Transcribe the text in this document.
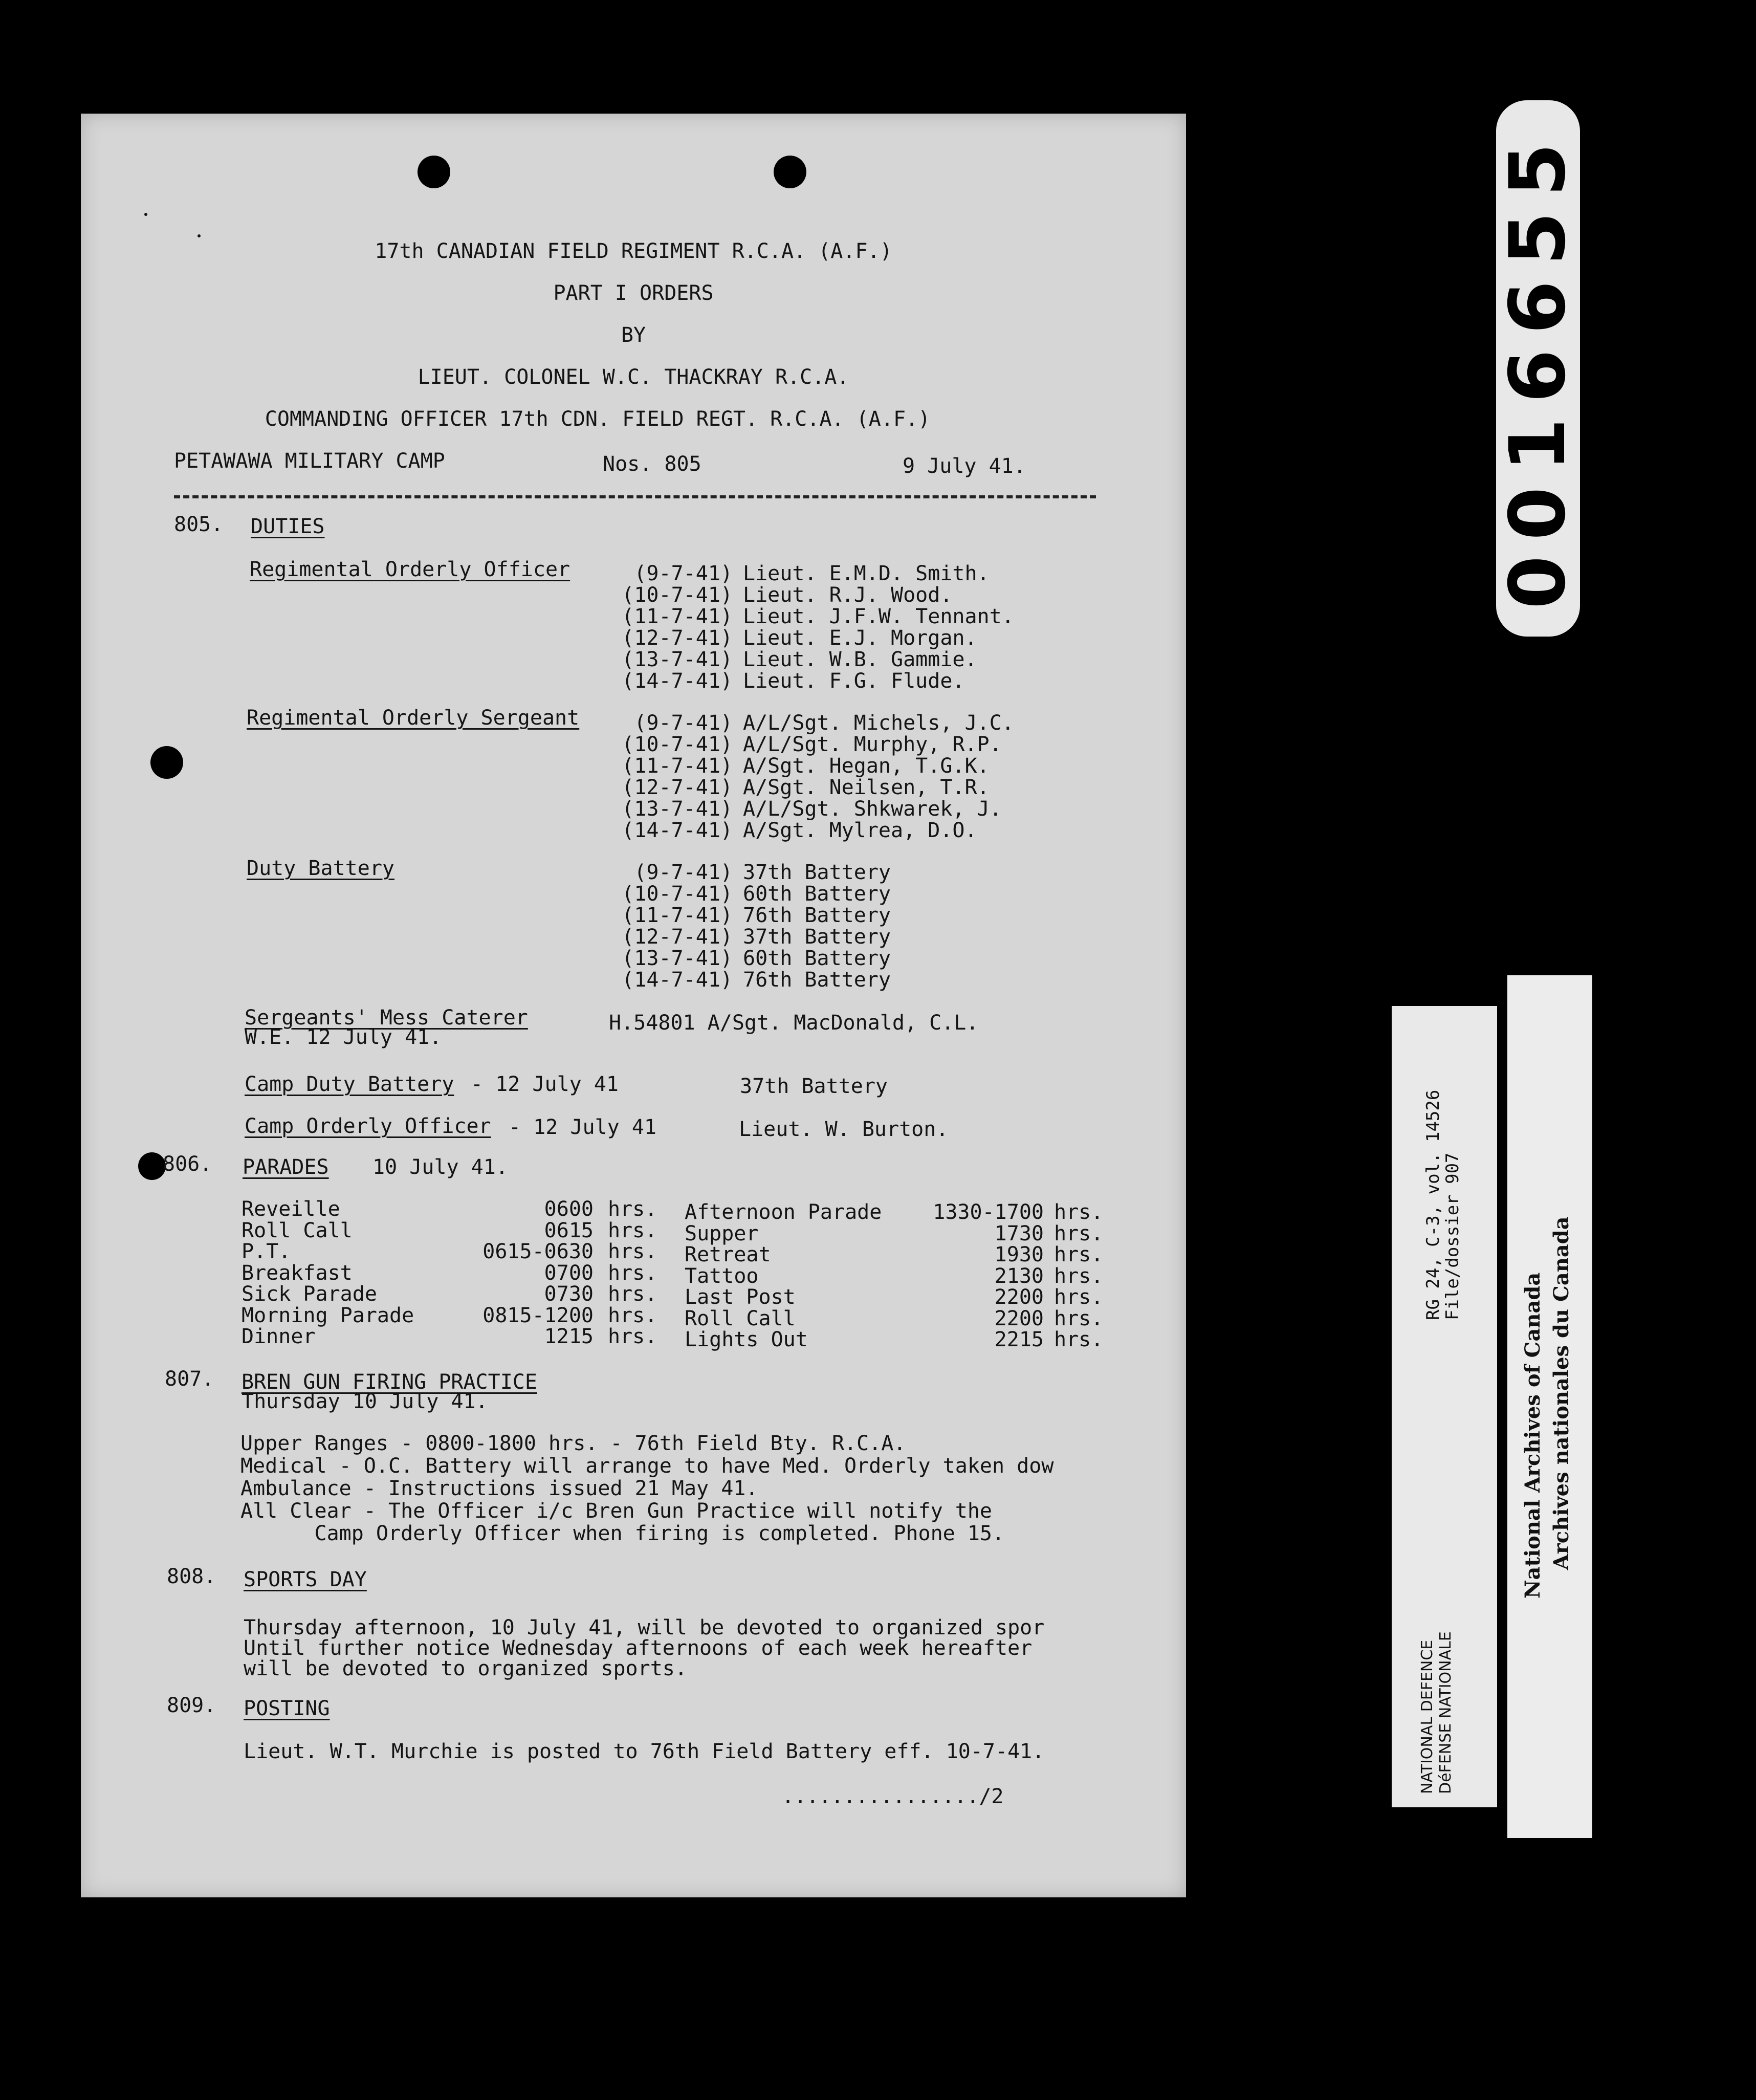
17th CANADIAN FIELD REGIMENT R.C.A. (A.F.)
PART I ORDERS
BY
LIEUT. COLONEL W.C. THACKRAY R.C.A.
COMMANDING OFFICER 17th CDN. FIELD REGT. R.C.A. (A.F.)
PETAWAWA MILITARY CAMP	Nos. 805	9 July 41.
805. DUTIES
Regimental Orderly Officer	(9-7-41) Lieut. E.M.D. Smith.
(10-7-41) Lieut. R.J. Wood.
(11-7-41) Lieut. J.F.W. Tennant.
(12-7-41) Lieut. E.J. Morgan.
(13-7-41) Lieut. W.B. Gammie.
(14-7-41) Lieut. F.G. Flude.
Regimental Orderly Sergeant	(9-7-41) A/L/Sgt. Michels, J.C.
(10-7-41) A/L/Sgt. Murphy, R.P.
(11-7-41) A/Sgt. Hegan, T.G.K.
(12-7-41) A/Sgt. Neilsen, T.R.
(13-7-41) A/L/Sgt. Shkwarek, J.
(14-7-41) A/Sgt. Mylrea, D.O.
Duty Battery	(9-7-41) 37th Battery
(10-7-41) 60th Battery
(11-7-41) 76th Battery
(12-7-41) 37th Battery
(13-7-41) 60th Battery
(14-7-41) 76th Battery
Sergeants' Mess Caterer
W.E. 12 July 41.
H.54801 A/Sgt. MacDonald, C.L.
Camp Duty Battery - 12 July 41	37th Battery
Camp Orderly Officer - 12 July 41	Lieut. W. Burton.
806. PARADES 10 July 41.
Reveille	0600 hrs.
Roll Call	0615 hrs.
P.T.	0615-0630 hrs.
Breakfast	0700 hrs.
Sick Parade	0730 hrs.
Morning Parade	0815-1200 hrs.
Dinner	1215 hrs.
Afternoon Parade	1330-1700 hrs.
Supper	1730 hrs.
Retreat	1930 hrs.
Tattoo	2130 hrs.
Last Post	2200 hrs.
Roll Call	2200 hrs.
Lights Out	2215 hrs.
807. BREN GUN FIRING PRACTICE
Thursday 10 July 41.
Upper Ranges - 0800-1800 hrs. - 76th Field Bty. R.C.A.
Medical - O.C. Battery will arrange to have Med. Orderly taken dow
Ambulance - Instructions issued 21 May 41.
All Clear - The Officer i/c Bren Gun Practice will notify the
Camp Orderly Officer when firing is completed. Phone 15.
808. SPORTS DAY
Thursday afternoon, 10 July 41, will be devoted to organized spor
Until further notice Wednesday afternoons of each week hereafter
will be devoted to organized sports.
809. POSTING
Lieut. W.T. Murchie is posted to 76th Field Battery eff. 10-7-41.
................/2
0016655
RG 24, C-3, vol. 14526
File/dossier 907
NATIONAL DEFENCE
DéFENSE NATIONALE
National Archives of Canada Archives nationales du Canada
